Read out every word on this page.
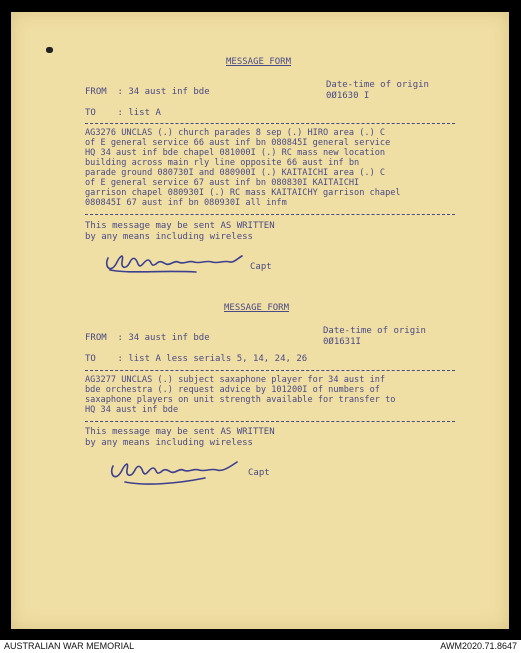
MESSAGE FORM
FROM  : 34 aust inf bde
Date-time of origin
0Ø1630 I
TO    : list A
AG3276 UNCLAS (.) church parades 8 sep (.) HIRO area (.) C
of E general service 66 aust inf bn 080845I general service
HQ 34 aust inf bde chapel 081000I (.) RC mass new location
building across main rly line opposite 66 aust inf bn
parade ground 080730I and 080900I (.) KAITAICHI area (.) C
of E general service 67 aust inf bn 080830I KAITAICHI
garrison chapel 080930I (.) RC mass KAITAICHY garrison chapel
080845I 67 aust inf bn 080930I all infm
This message may be sent AS WRITTEN
by any means including wireless
Capt
MESSAGE FORM
FROM  : 34 aust inf bde
Date-time of origin
0Ø1631I
TO    : list A less serials 5, 14, 24, 26
AG3277 UNCLAS (.) subject saxaphone player for 34 aust inf
bde orchestra (.) request advice by 101200I of numbers of
saxaphone players on unit strength available for transfer to
HQ 34 aust inf bde
This message may be sent AS WRITTEN
by any means including wireless
Capt
AUSTRALIAN WAR MEMORIAL	AWM2020.71.8647
